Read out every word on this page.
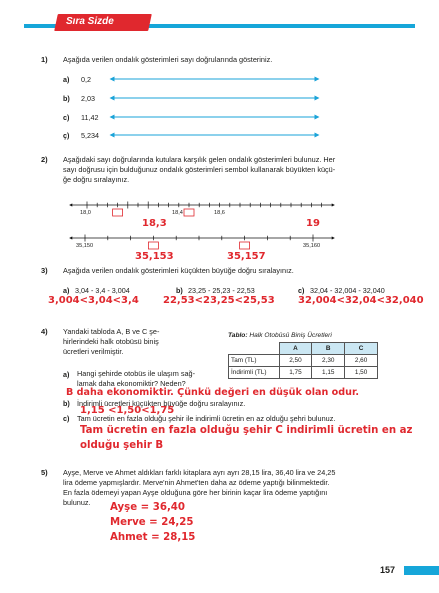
Sıra Sizde
1) Aşağıda verilen ondalık gösterimleri sayı doğrularında gösteriniz.
a) 0,2
b) 2,03
c) 11,42
ç) 5,234
2) Aşağıdaki sayı doğrularında kutulara karşılık gelen ondalık gösterimleri bulunuz. Her
sayı doğrusu için bulduğunuz ondalık gösterimleri sembol kullanarak büyükten küçü-
ğe doğru sıralayınız.
18,0	18,4	18,6
18,3	19
35,150	35,160
35,153	35,157
3) Aşağıda verilen ondalık gösterimleri küçükten büyüğe doğru sıralayınız.
a) 3,04 - 3,4 - 3,004	b) 23,25 - 25,23 - 22,53	c) 32,04 - 32,004 - 32,040
3,004<3,04<3,4 22,53<23,25<25,53 32,004<32,04<32,040
4) Yandaki tabloda A, B ve C şe-
hirlerindeki halk otobüsü biniş
ücretleri verilmiştir.
Tablo: Halk Otobüsü Biniş Ücretleri
	A	B	C
Tam (TL)	2,50	2,30	2,60
İndirimli (TL)	1,75	1,15	1,50
a) Hangi şehirde otobüs ile ulaşım sağ-
lamak daha ekonomiktir? Neden?
B daha ekonomiktir. Çünkü değeri en düşük olan odur.
b) İndirimli ücretleri küçükten büyüğe doğru sıralayınız.
1,15 <1,50<1,75
c) Tam ücretin en fazla olduğu şehir ile indirimli ücretin en az olduğu şehri bulunuz.
Tam ücretin en fazla olduğu şehir C indirimli ücretin en az
olduğu şehir B
5) Ayşe, Merve ve Ahmet aldıkları farklı kitaplara ayrı ayrı 28,15 lira, 36,40 lira ve 24,25
lira ödeme yapmışlardır. Merve'nin Ahmet'ten daha az ödeme yaptığı bilinmektedir.
En fazla ödemeyi yapan Ayşe olduğuna göre her birinin kaçar lira ödeme yaptığını
bulunuz. Ayşe = 36,40
Merve = 24,25
Ahmet = 28,15
157
